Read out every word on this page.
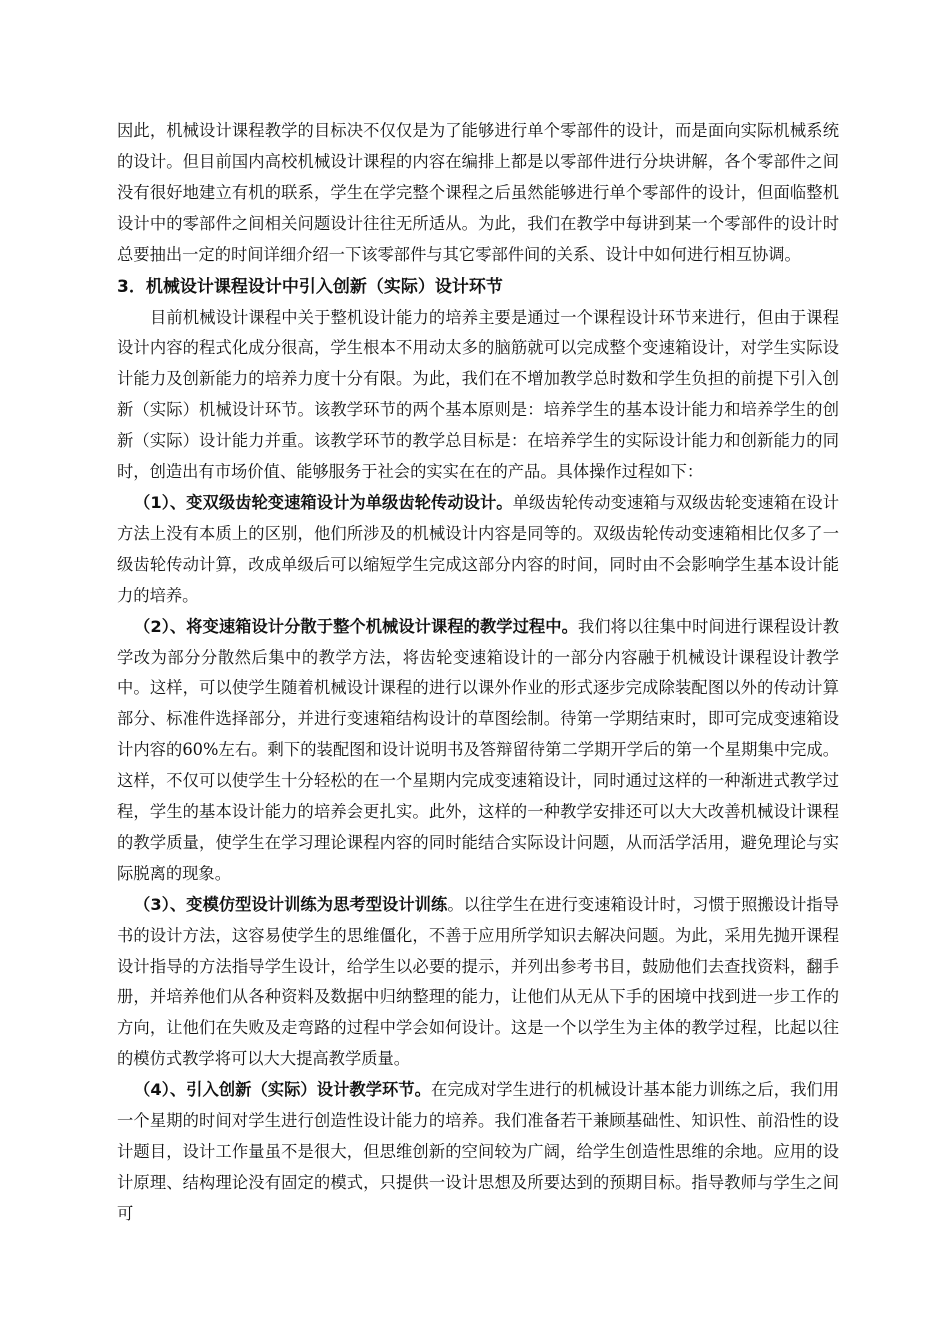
因此，机械设计课程教学的目标决不仅仅是为了能够进行单个零部件的设计，而是面向实际机械系统的设计。但目前国内高校机械设计课程的内容在编排上都是以零部件进行分块讲解，各个零部件之间没有很好地建立有机的联系，学生在学完整个课程之后虽然能够进行单个零部件的设计，但面临整机设计中的零部件之间相关问题设计往往无所适从。为此，我们在教学中每讲到某一个零部件的设计时总要抽出一定的时间详细介绍一下该零部件与其它零部件间的关系、设计中如何进行相互协调。

3．机械设计课程设计中引入创新（实际）设计环节

目前机械设计课程中关于整机设计能力的培养主要是通过一个课程设计环节来进行，但由于课程设计内容的程式化成分很高，学生根本不用动太多的脑筋就可以完成整个变速箱设计，对学生实际设计能力及创新能力的培养力度十分有限。为此，我们在不增加教学总时数和学生负担的前提下引入创新（实际）机械设计环节。该教学环节的两个基本原则是：培养学生的基本设计能力和培养学生的创新（实际）设计能力并重。该教学环节的教学总目标是：在培养学生的实际设计能力和创新能力的同时，创造出有市场价值、能够服务于社会的实实在在的产品。具体操作过程如下：

（1）、变双级齿轮变速箱设计为单级齿轮传动设计。单级齿轮传动变速箱与双级齿轮变速箱在设计方法上没有本质上的区别，他们所涉及的机械设计内容是同等的。双级齿轮传动变速箱相比仅多了一级齿轮传动计算，改成单级后可以缩短学生完成这部分内容的时间，同时由不会影响学生基本设计能力的培养。

（2）、将变速箱设计分散于整个机械设计课程的教学过程中。我们将以往集中时间进行课程设计教学改为部分分散然后集中的教学方法，将齿轮变速箱设计的一部分内容融于机械设计课程设计教学中。这样，可以使学生随着机械设计课程的进行以课外作业的形式逐步完成除装配图以外的传动计算部分、标准件选择部分，并进行变速箱结构设计的草图绘制。待第一学期结束时，即可完成变速箱设计内容的60%左右。剩下的装配图和设计说明书及答辩留待第二学期开学后的第一个星期集中完成。这样，不仅可以使学生十分轻松的在一个星期内完成变速箱设计，同时通过这样的一种渐进式教学过程，学生的基本设计能力的培养会更扎实。此外，这样的一种教学安排还可以大大改善机械设计课程的教学质量，使学生在学习理论课程内容的同时能结合实际设计问题，从而活学活用，避免理论与实际脱离的现象。

（3）、变模仿型设计训练为思考型设计训练。以往学生在进行变速箱设计时，习惯于照搬设计指导书的设计方法，这容易使学生的思维僵化，不善于应用所学知识去解决问题。为此，采用先抛开课程设计指导的方法指导学生设计，给学生以必要的提示，并列出参考书目，鼓励他们去查找资料，翻手册，并培养他们从各种资料及数据中归纳整理的能力，让他们从无从下手的困境中找到进一步工作的方向，让他们在失败及走弯路的过程中学会如何设计。这是一个以学生为主体的教学过程，比起以往的模仿式教学将可以大大提高教学质量。

（4）、引入创新（实际）设计教学环节。在完成对学生进行的机械设计基本能力训练之后，我们用一个星期的时间对学生进行创造性设计能力的培养。我们准备若干兼顾基础性、知识性、前沿性的设计题目，设计工作量虽不是很大，但思维创新的空间较为广阔，给学生创造性思维的余地。应用的设计原理、结构理论没有固定的模式，只提供一设计思想及所要达到的预期目标。指导教师与学生之间可
